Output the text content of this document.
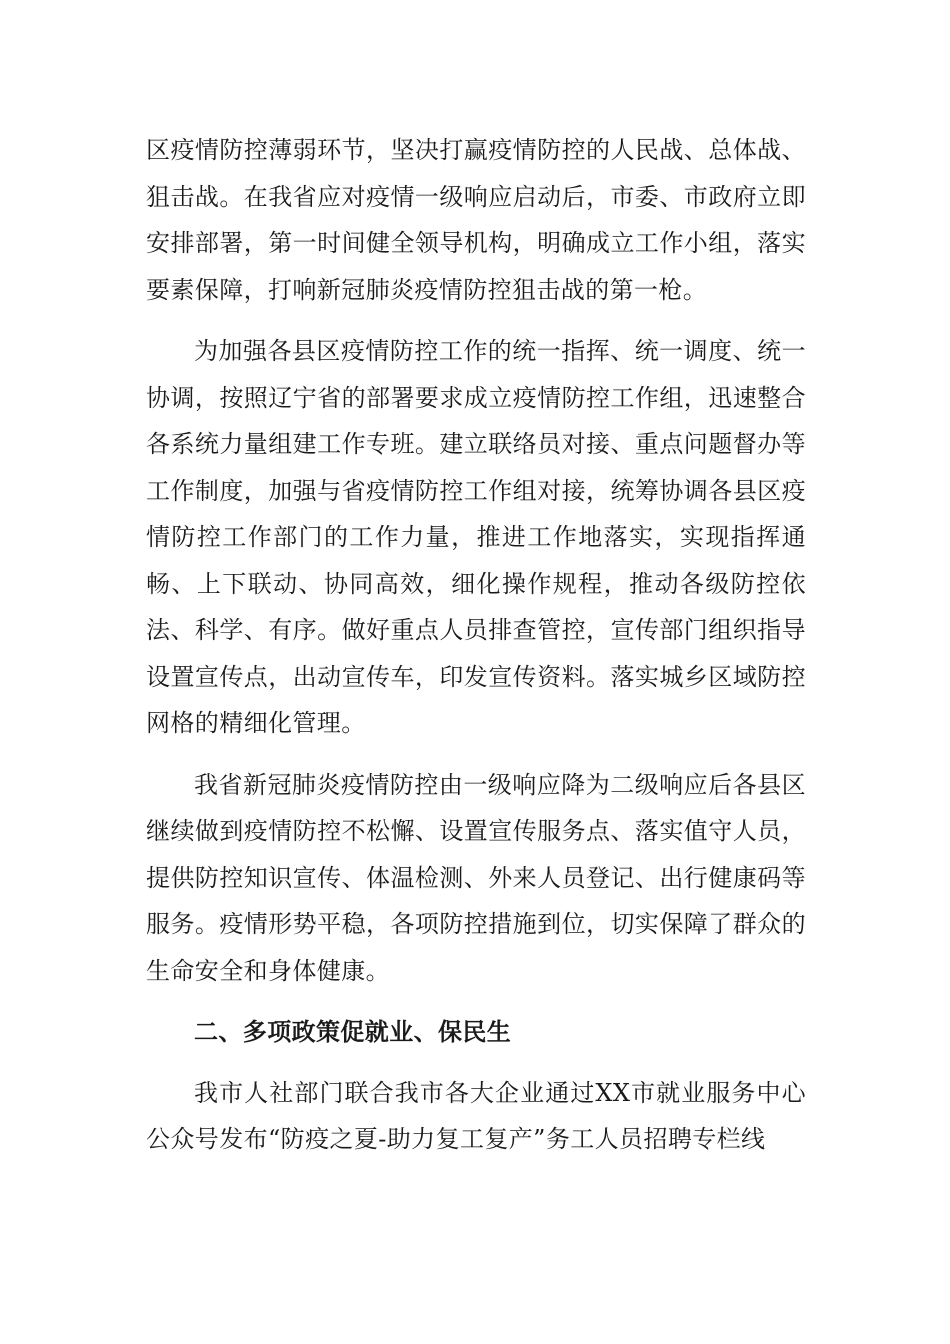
区疫情防控薄弱环节，坚决打赢疫情防控的人民战、总体战、狙击战。在我省应对疫情一级响应启动后，市委、市政府立即安排部署，第一时间健全领导机构，明确成立工作小组，落实要素保障，打响新冠肺炎疫情防控狙击战的第一枪。

为加强各县区疫情防控工作的统一指挥、统一调度、统一协调，按照辽宁省的部署要求成立疫情防控工作组，迅速整合各系统力量组建工作专班。建立联络员对接、重点问题督办等工作制度，加强与省疫情防控工作组对接，统筹协调各县区疫情防控工作部门的工作力量，推进工作地落实，实现指挥通畅、上下联动、协同高效，细化操作规程，推动各级防控依法、科学、有序。做好重点人员排查管控，宣传部门组织指导设置宣传点，出动宣传车，印发宣传资料。落实城乡区域防控网格的精细化管理。

我省新冠肺炎疫情防控由一级响应降为二级响应后各县区继续做到疫情防控不松懈、设置宣传服务点、落实值守人员，提供防控知识宣传、体温检测、外来人员登记、出行健康码等服务。疫情形势平稳，各项防控措施到位，切实保障了群众的生命安全和身体健康。

二、多项政策促就业、保民生

我市人社部门联合我市各大企业通过XX市就业服务中心公众号发布“防疫之夏-助力复工复产”务工人员招聘专栏线
